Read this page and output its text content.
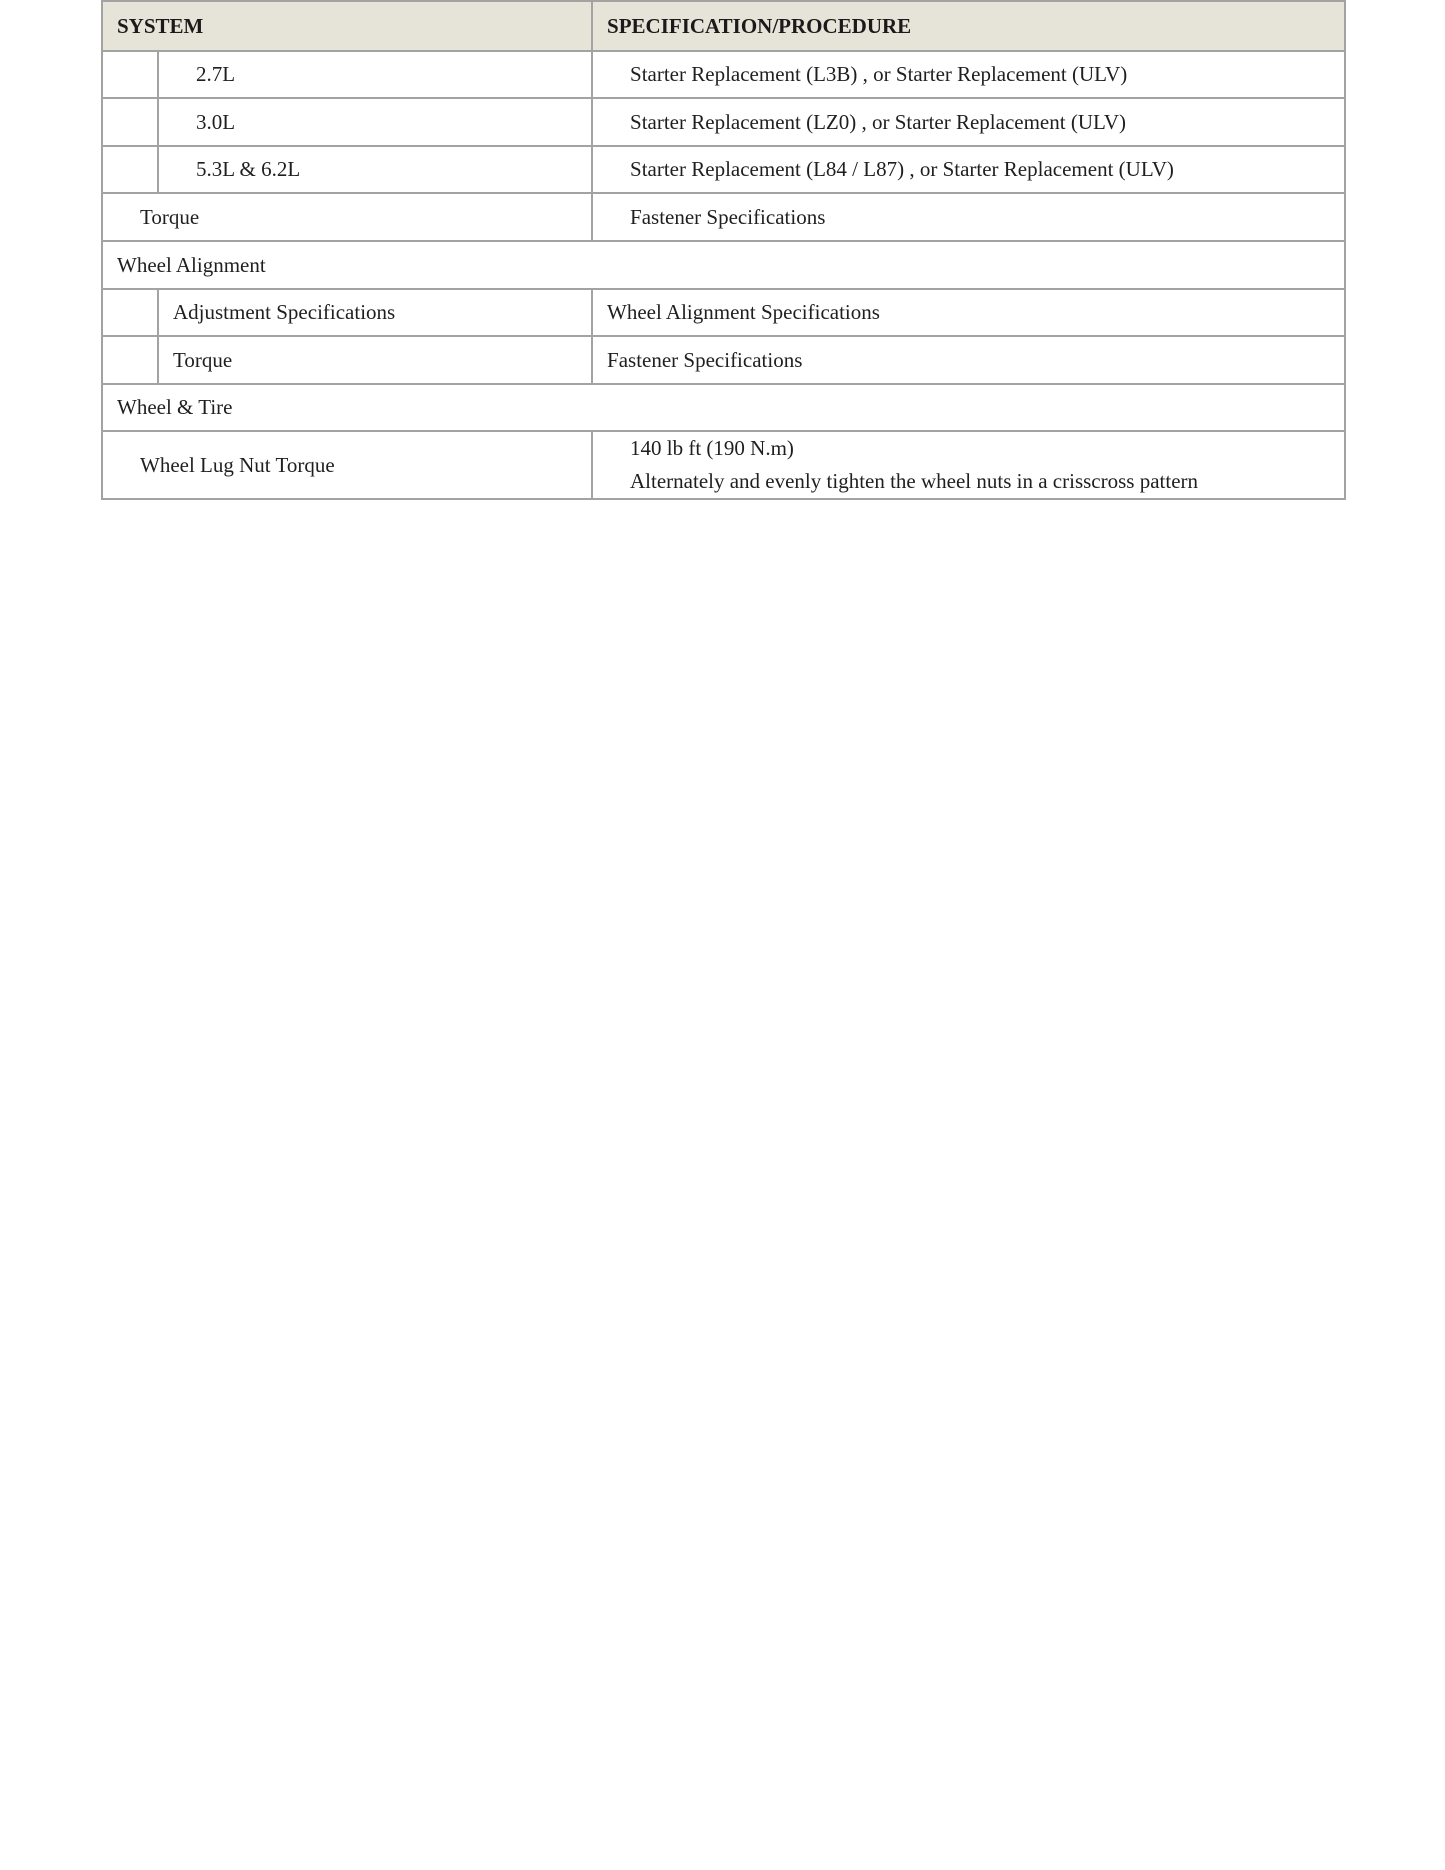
SYSTEM		SPECIFICATION/PROCEDURE
	2.7L	Starter Replacement (L3B) , or Starter Replacement (ULV)
	3.0L	Starter Replacement (LZ0) , or Starter Replacement (ULV)
	5.3L & 6.2L	Starter Replacement (L84 / L87) , or Starter Replacement (ULV)
Torque		Fastener Specifications
Wheel Alignment		
	Adjustment Specifications	Wheel Alignment Specifications
	Torque	Fastener Specifications
Wheel & Tire		

Wheel Lug Nut Torque		140 lb ft (190 N.m)
Alternately and evenly tighten the wheel nuts in a crisscross pattern
